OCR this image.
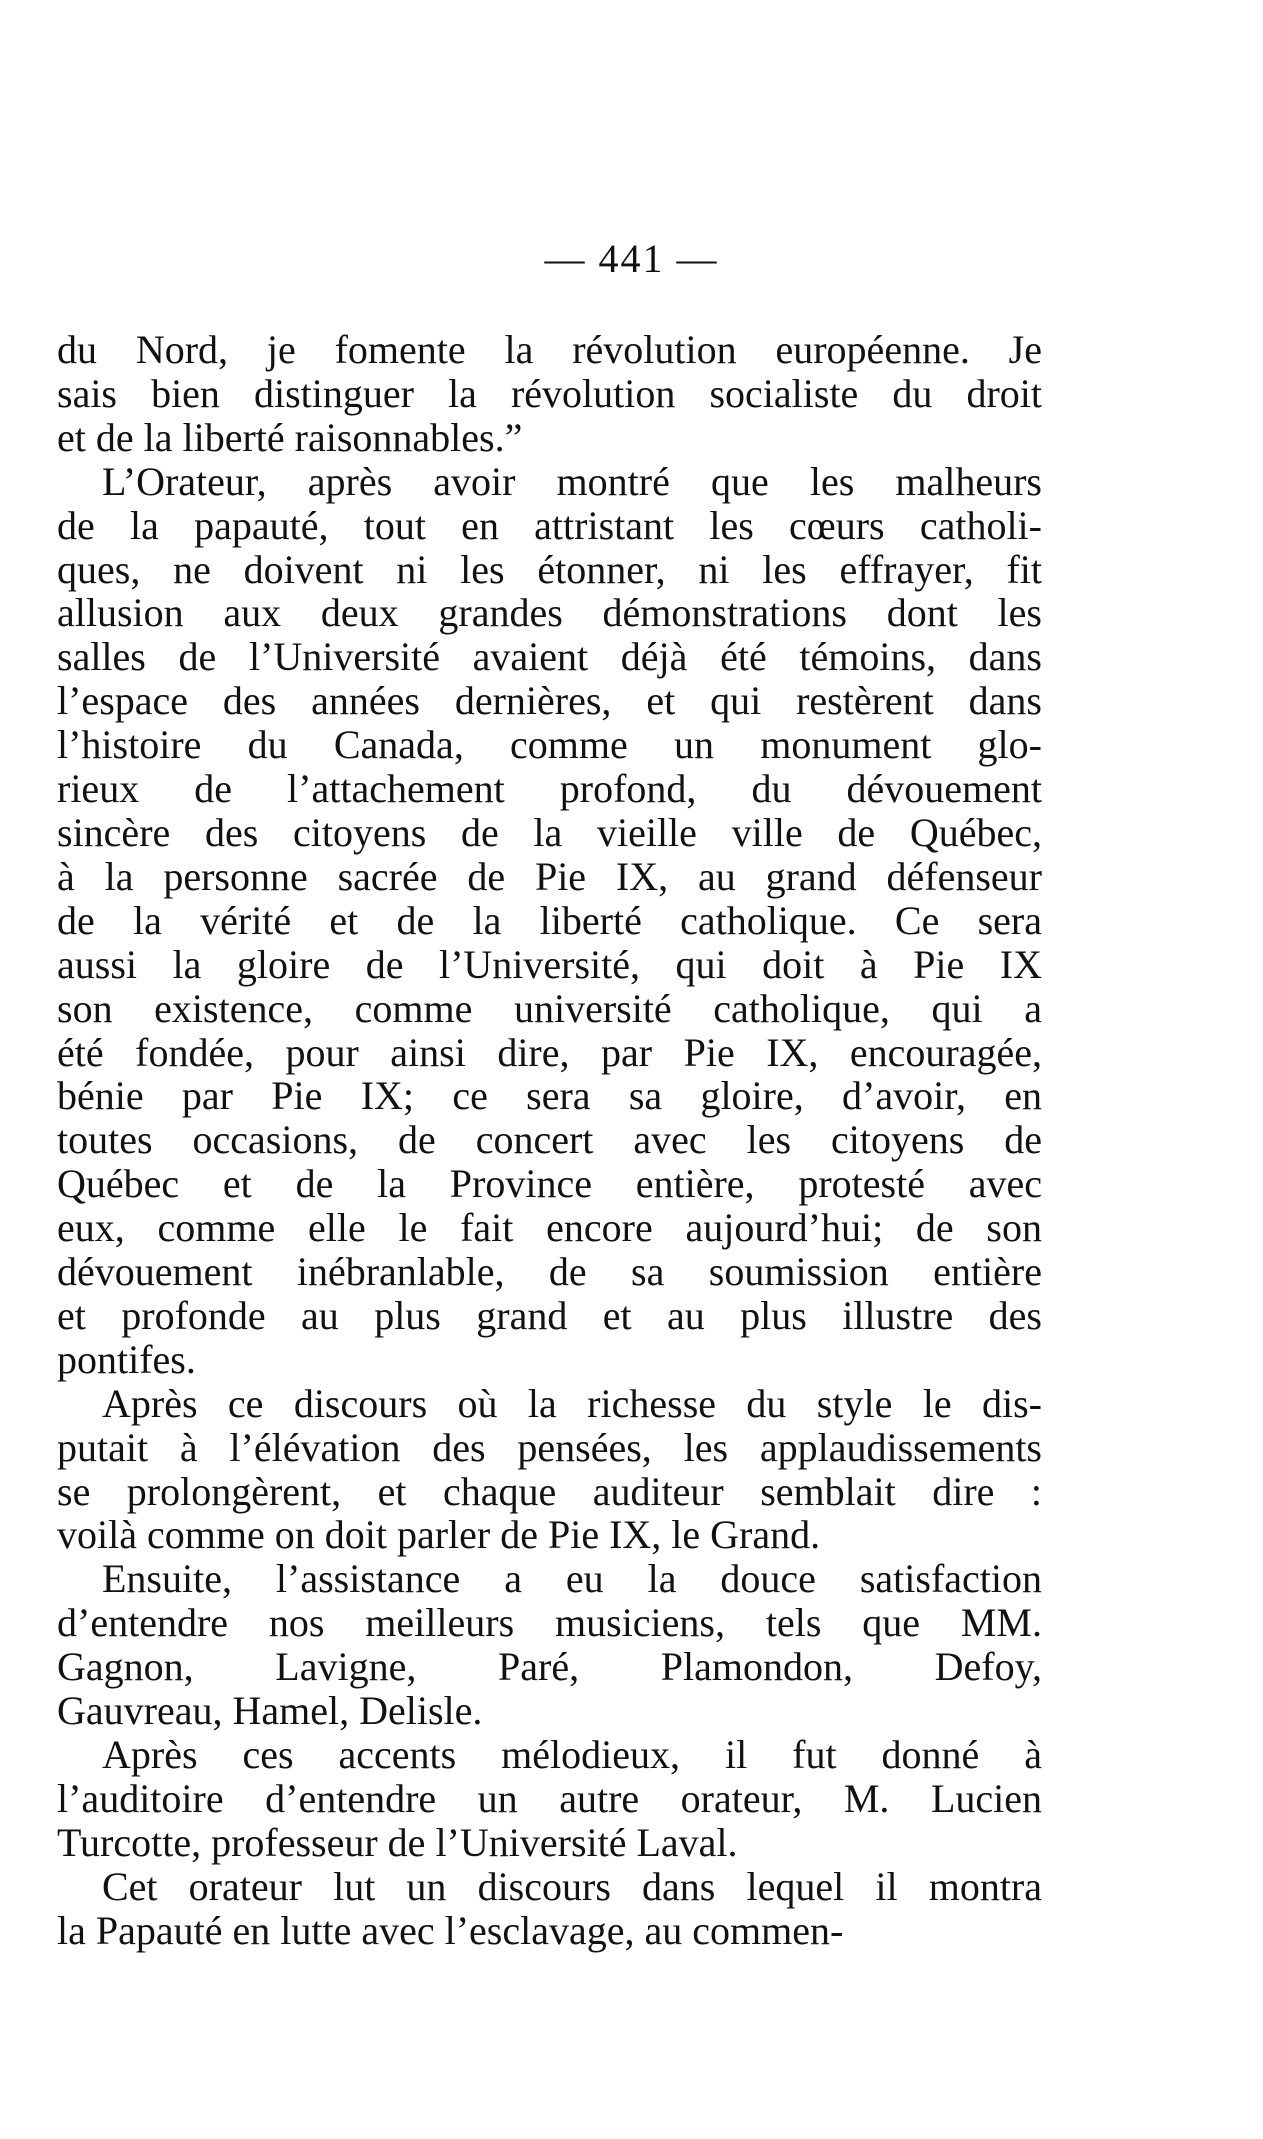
— 441 —
du Nord, je fomente la révolution européenne. Je
sais bien distinguer la révolution socialiste du droit
et de la liberté raisonnables.”
L’Orateur, après avoir montré que les malheurs
de la papauté, tout en attristant les cœurs catholi-
ques, ne doivent ni les étonner, ni les effrayer, fit
allusion aux deux grandes démonstrations dont les
salles de l’Université avaient déjà été témoins, dans
l’espace des années dernières, et qui restèrent dans
l’histoire du Canada, comme un monument glo-
rieux de l’attachement profond, du dévouement
sincère des citoyens de la vieille ville de Québec,
à la personne sacrée de Pie IX, au grand défenseur
de la vérité et de la liberté catholique. Ce sera
aussi la gloire de l’Université, qui doit à Pie IX
son existence, comme université catholique, qui a
été fondée, pour ainsi dire, par Pie IX, encouragée,
bénie par Pie IX; ce sera sa gloire, d’avoir, en
toutes occasions, de concert avec les citoyens de
Québec et de la Province entière, protesté avec
eux, comme elle le fait encore aujourd’hui; de son
dévouement inébranlable, de sa soumission entière
et profonde au plus grand et au plus illustre des
pontifes.
Après ce discours où la richesse du style le dis-
putait à l’élévation des pensées, les applaudissements
se prolongèrent, et chaque auditeur semblait dire :
voilà comme on doit parler de Pie IX, le Grand.
Ensuite, l’assistance a eu la douce satisfaction
d’entendre nos meilleurs musiciens, tels que MM.
Gagnon, Lavigne, Paré, Plamondon, Defoy,
Gauvreau, Hamel, Delisle.
Après ces accents mélodieux, il fut donné à
l’auditoire d’entendre un autre orateur, M. Lucien
Turcotte, professeur de l’Université Laval.
Cet orateur lut un discours dans lequel il montra
la Papauté en lutte avec l’esclavage, au commen-
